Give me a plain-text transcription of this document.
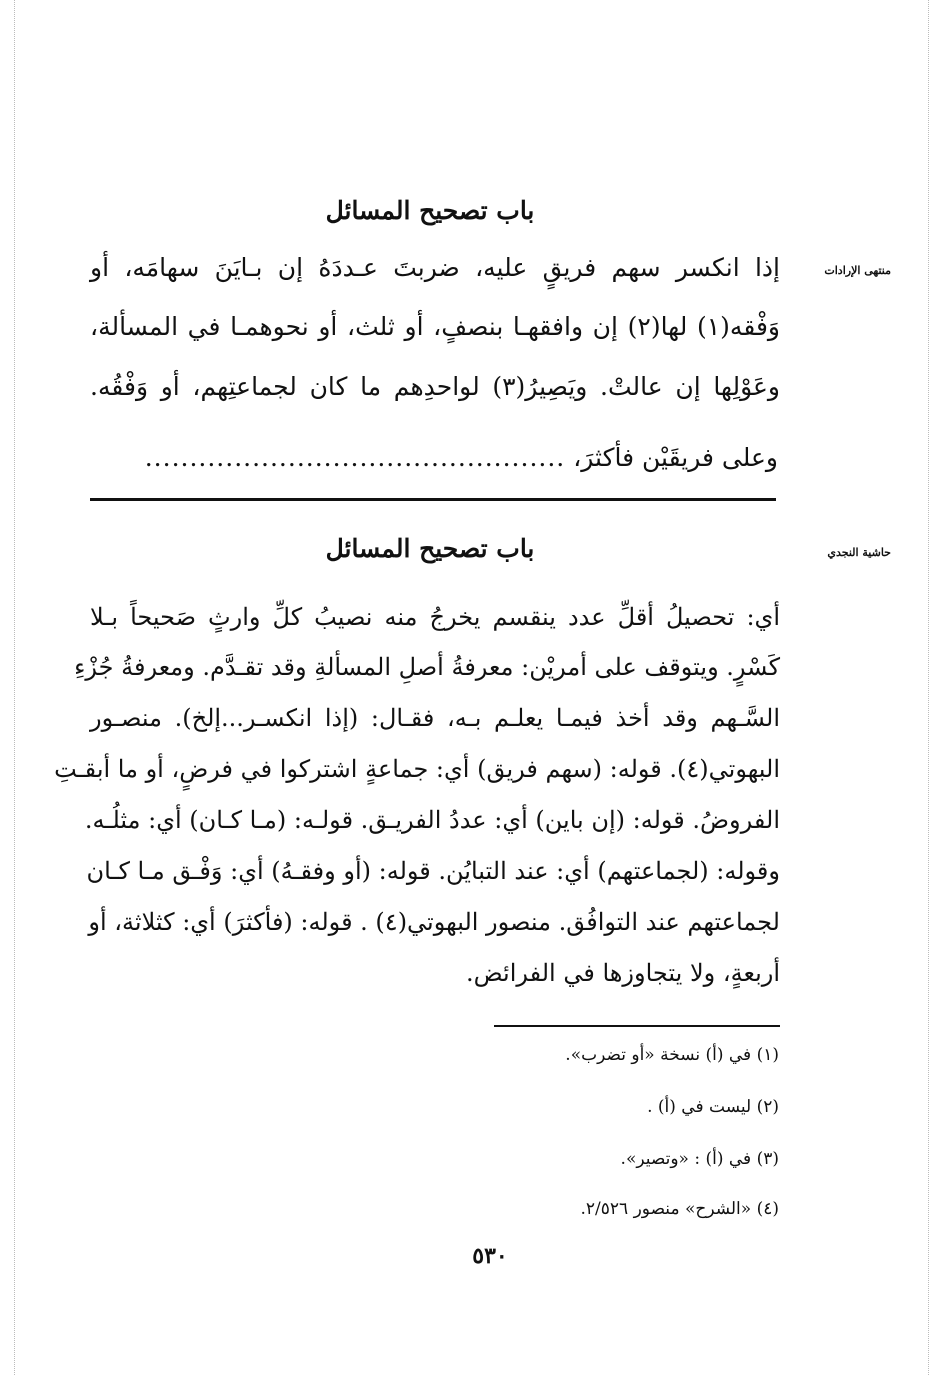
باب تصحيح المسائل
منتهى الإرادات
إذا انكسر سهم فريقٍ عليه، ضربتَ عـددَهُ إن بـايَنَ سهامَه، أو
وَفْقه(١) لها(٢) إن وافقهـا بنصفٍ، أو ثلث، أو نحوهمـا في المسألة،
وعَوْلِها إن عالتْ. ويَصِيرُ(٣) لواحدِهم ما كان لجماعتِهم، أو وَفْقُه.
وعلى فريقَيْن فأكثرَ، ...............................................
باب تصحيح المسائل	حاشية النجدي
أي: تحصيلُ أقلِّ عدد ينقسم يخرجُ منه نصيبُ كلِّ وارثٍ صَحيحاً بـلا
كَسْرٍ. ويتوقف على أمريْن: معرفةُ أصلِ المسألةِ وقد تقـدَّم. ومعرفةُ جُزْءِ
السَّـهم وقد أخذ فيمـا يعلـم بـه، فقـال: (إذا انكسـر...إلخ). منصـور
البهوتي(٤). قوله: (سهم فريق) أي: جماعةٍ اشتركوا في فرضٍ، أو ما أبقـتِ
الفروضُ. قوله: (إن باين) أي: عددُ الفريـق. قولـه: (مـا كـان) أي: مثلُـه.
وقوله: (لجماعتهم) أي: عند التبايُن. قوله: (أو وفقـهُ) أي: وَفْـق مـا كـان
لجماعتهم عند التوافُق. منصور البهوتي(٤) . قوله: (فأكثرَ) أي: كثلاثة، أو
أربعةٍ، ولا يتجاوزها في الفرائض.
(١) في (أ) نسخة «أو تضرب».
(٢) ليست في (أ) .
(٣) في (أ) : «وتصير».
(٤) «الشرح» منصور ٢/٥٢٦.
٥٣٠
